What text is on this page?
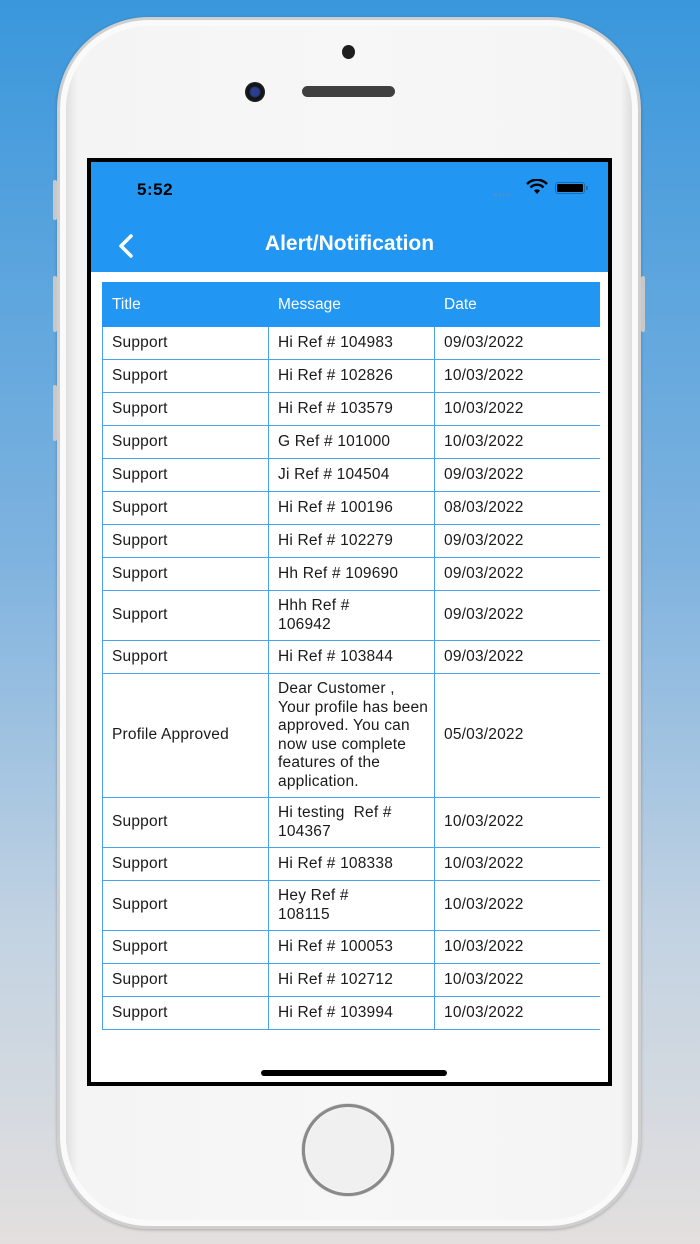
5:52	••••
Alert/Notification
Title	Message	Date
Support	Hi Ref # 104983	09/03/2022
Support	Hi Ref # 102826	10/03/2022
Support	Hi Ref # 103579	10/03/2022
Support	G Ref # 101000	10/03/2022
Support	Ji Ref # 104504	09/03/2022
Support	Hi Ref # 100196	08/03/2022
Support	Hi Ref # 102279	09/03/2022
Support	Hh Ref # 109690	09/03/2022
Support	Hhh Ref # 106942	09/03/2022
Support	Hi Ref # 103844	09/03/2022
Profile Approved	Dear Customer , Your profile has been approved. You can now use complete features of the application.	05/03/2022
Support	Hi testing  Ref # 104367	10/03/2022
Support	Hi Ref # 108338	10/03/2022
Support	Hey Ref # 108115	10/03/2022
Support	Hi Ref # 100053	10/03/2022
Support	Hi Ref # 102712	10/03/2022
Support	Hi Ref # 103994	10/03/2022
